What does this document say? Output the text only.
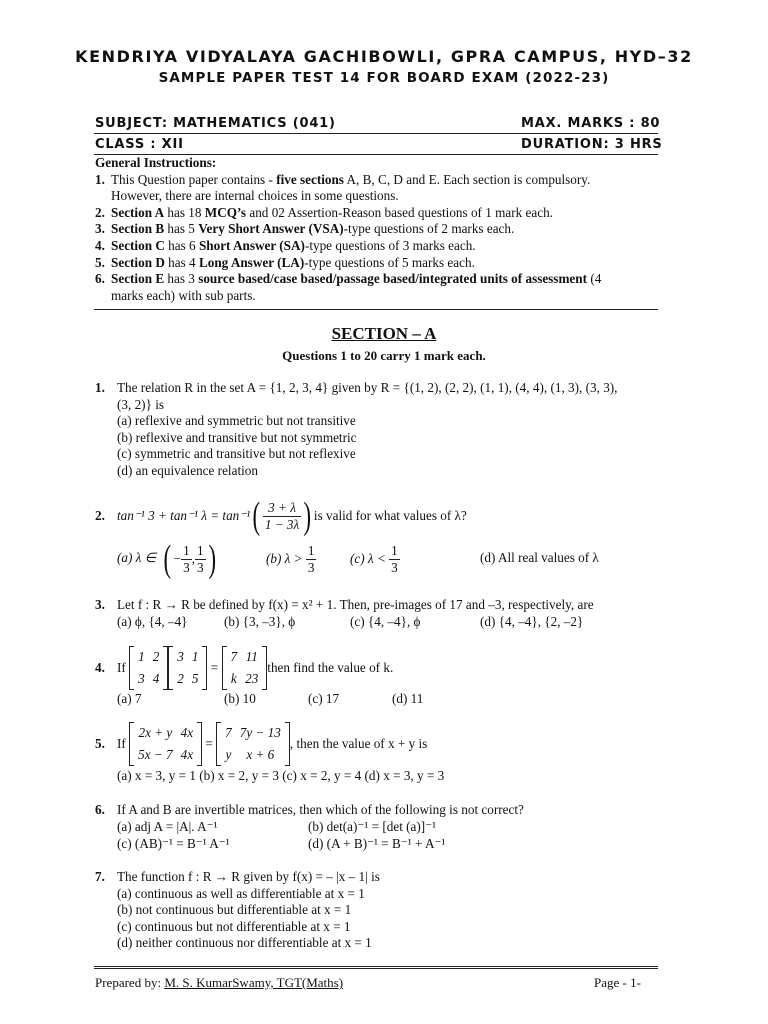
KENDRIYA VIDYALAYA GACHIBOWLI, GPRA CAMPUS, HYD–32
SAMPLE PAPER TEST 14 FOR BOARD EXAM (2022-23)
SUBJECT: MATHEMATICS (041)	MAX. MARKS : 80
CLASS : XII	DURATION: 3 HRS
General Instructions:
1. This Question paper contains - five sections A, B, C, D and E. Each section is compulsory.
However, there are internal choices in some questions.
2. Section A has 18 MCQ’s and 02 Assertion-Reason based questions of 1 mark each.
3. Section B has 5 Very Short Answer (VSA)-type questions of 2 marks each.
4. Section C has 6 Short Answer (SA)-type questions of 3 marks each.
5. Section D has 4 Long Answer (LA)-type questions of 5 marks each.
6. Section E has 3 source based/case based/passage based/integrated units of assessment (4
marks each) with sub parts.
SECTION – A
Questions 1 to 20 carry 1 mark each.
1. The relation R in the set A = {1, 2, 3, 4} given by R = {(1, 2), (2, 2), (1, 1), (4, 4), (1, 3), (3, 3),
(3, 2)} is
(a) reflexive and symmetric but not transitive
(b) reflexive and transitive but not symmetric
(c) symmetric and transitive but not reflexive
(d) an equivalence relation
2. tan⁻¹ 3 + tan⁻¹ λ = tan⁻¹ ( $\frac{3 + \lambda}{1 - 3\lambda}$ ) is valid for what values of λ?
(a) λ ∈ ( − $\frac{1}{3}$ , $\frac{1}{3}$ )	(b) λ >
$\frac{1}{3}$	(c) λ <
$\frac{1}{3}$	(d) All real values of λ
3. Let f : R → R be defined by f(x) = x² + 1. Then, pre-images of 17 and –3, respectively, are
(a) ϕ, {4, –4}	(b) {3, –3}, ϕ	(c) {4, –4}, ϕ	(d) {4, –4}, {2, –2}
4. If

1	2
3	4
3	1
2	5
=
7	11
k	23
then find the value of k.
(a) 7	(b) 10	(c) 17	(d) 11
5. If

2x + y	4x
5x − 7	4x
=
7	7y − 13
y	x + 6
, then the value of x + y is
(a) x = 3, y = 1 (b) x = 2, y = 3 (c) x = 2, y = 4 (d) x = 3, y = 3
6. If A and B are invertible matrices, then which of the following is not correct?
(a) adj A = |A|. A⁻¹	(b) det(a)⁻¹ = [det (a)]⁻¹
(c) (AB)⁻¹ = B⁻¹ A⁻¹	(d) (A + B)⁻¹ = B⁻¹ + A⁻¹
7. The function f : R → R given by f(x) = – |x – 1| is
(a) continuous as well as differentiable at x = 1
(b) not continuous but differentiable at x = 1
(c) continuous but not differentiable at x = 1
(d) neither continuous nor differentiable at x = 1
Prepared by: M. S. KumarSwamy, TGT(Maths)	Page - 1-
